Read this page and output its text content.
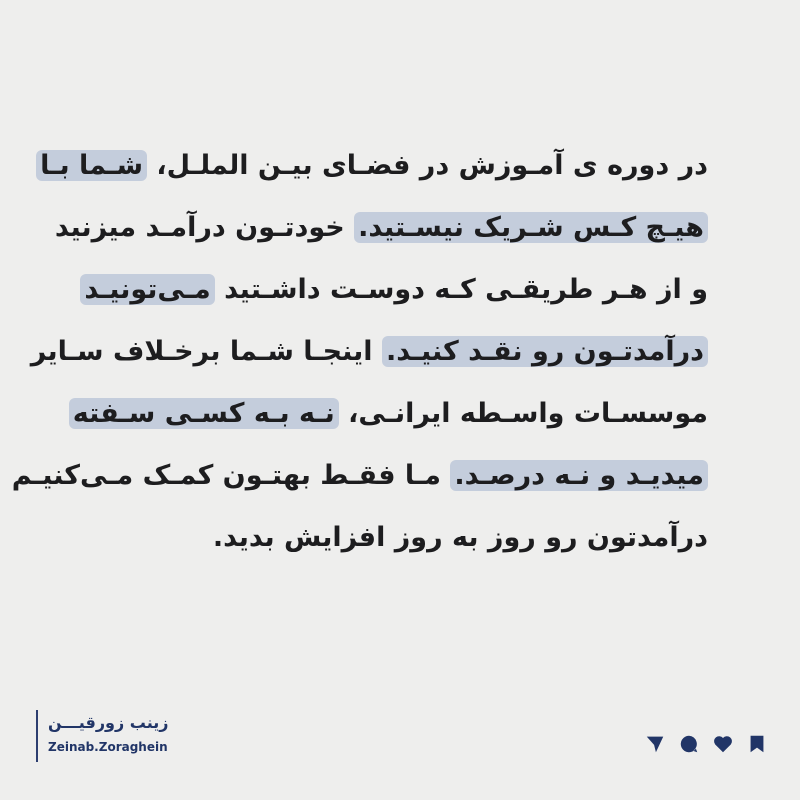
در دوره ی آمـوزش در فضـای بیـن الملـل، شـما بـا
هیـچ کـس شـریک نیسـتید. خودتـون درآمـد میزنید
و از هـر طریقـی کـه دوسـت داشـتید مـی‌تونیـد
درآمدتـون رو نقـد کنیـد. اینجـا شـما برخـلاف سـایر
موسسـات واسـطه ایرانـی، نـه بـه کسـی سـفته
میدیـد و نـه درصـد. مـا فقـط بهتـون کمـک مـی‌کنیـم
درآمدتون رو روز به روز افزایش بدید.
زینب زورقیـــن
Zeinab.Zoraghein
